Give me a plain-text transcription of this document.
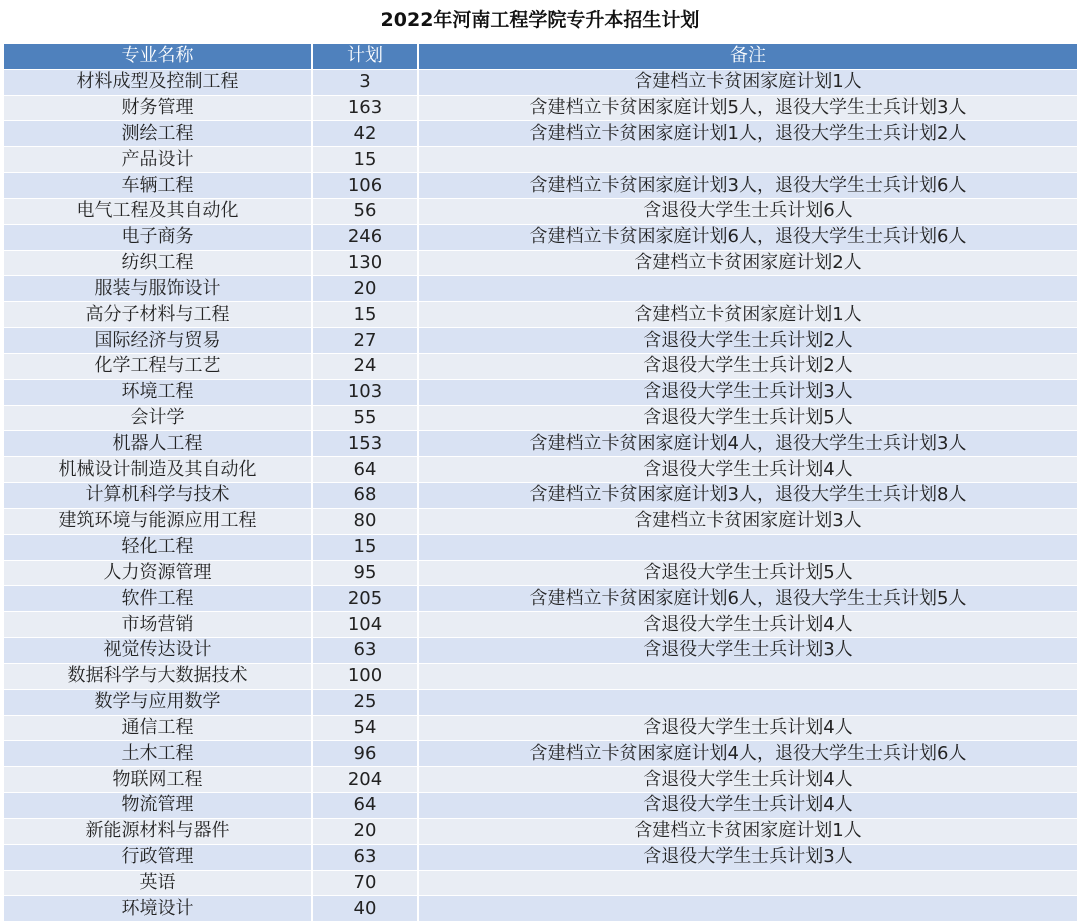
2022年河南工程学院专升本招生计划
专业名称	计划	备注
材料成型及控制工程	3	含建档立卡贫困家庭计划1人
财务管理	163	含建档立卡贫困家庭计划5人，退役大学生士兵计划3人
测绘工程	42	含建档立卡贫困家庭计划1人，退役大学生士兵计划2人
产品设计	15	
车辆工程	106	含建档立卡贫困家庭计划3人，退役大学生士兵计划6人
电气工程及其自动化	56	含退役大学生士兵计划6人
电子商务	246	含建档立卡贫困家庭计划6人，退役大学生士兵计划6人
纺织工程	130	含建档立卡贫困家庭计划2人
服装与服饰设计	20	
高分子材料与工程	15	含建档立卡贫困家庭计划1人
国际经济与贸易	27	含退役大学生士兵计划2人
化学工程与工艺	24	含退役大学生士兵计划2人
环境工程	103	含退役大学生士兵计划3人
会计学	55	含退役大学生士兵计划5人
机器人工程	153	含建档立卡贫困家庭计划4人，退役大学生士兵计划3人
机械设计制造及其自动化	64	含退役大学生士兵计划4人
计算机科学与技术	68	含建档立卡贫困家庭计划3人，退役大学生士兵计划8人
建筑环境与能源应用工程	80	含建档立卡贫困家庭计划3人
轻化工程	15	
人力资源管理	95	含退役大学生士兵计划5人
软件工程	205	含建档立卡贫困家庭计划6人，退役大学生士兵计划5人
市场营销	104	含退役大学生士兵计划4人
视觉传达设计	63	含退役大学生士兵计划3人
数据科学与大数据技术	100	
数学与应用数学	25	
通信工程	54	含退役大学生士兵计划4人
土木工程	96	含建档立卡贫困家庭计划4人，退役大学生士兵计划6人
物联网工程	204	含退役大学生士兵计划4人
物流管理	64	含退役大学生士兵计划4人
新能源材料与器件	20	含建档立卡贫困家庭计划1人
行政管理	63	含退役大学生士兵计划3人
英语	70	
环境设计	40	
